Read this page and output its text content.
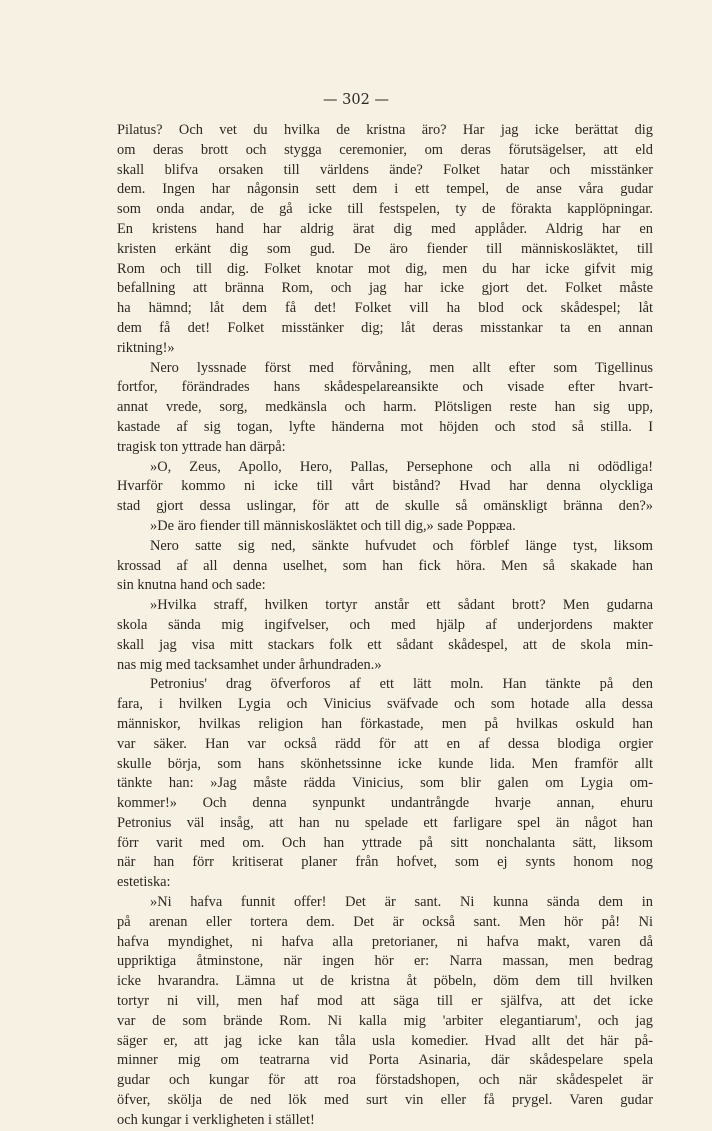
— 302 —
Pilatus? Och vet du hvilka de kristna äro? Har jag icke berättat dig
om deras brott och stygga ceremonier, om deras förutsägelser, att eld
skall blifva orsaken till världens ände? Folket hatar och misstänker
dem. Ingen har någonsin sett dem i ett tempel, de anse våra gudar
som onda andar, de gå icke till festspelen, ty de förakta kapplöpningar.
En kristens hand har aldrig ärat dig med applåder. Aldrig har en
kristen erkänt dig som gud. De äro fiender till människosläktet, till
Rom och till dig. Folket knotar mot dig, men du har icke gifvit mig
befallning att bränna Rom, och jag har icke gjort det. Folket måste
ha hämnd; låt dem få det! Folket vill ha blod ock skådespel; låt
dem få det! Folket misstänker dig; låt deras misstankar ta en annan
riktning!»
Nero lyssnade först med förvåning, men allt efter som Tigellinus
fortfor, förändrades hans skådespelareansikte och visade efter hvart-
annat vrede, sorg, medkänsla och harm. Plötsligen reste han sig upp,
kastade af sig togan, lyfte händerna mot höjden och stod så stilla. I
tragisk ton yttrade han därpå:
»O, Zeus, Apollo, Hero, Pallas, Persephone och alla ni odödliga!
Hvarför kommo ni icke till vårt bistånd? Hvad har denna olyckliga
stad gjort dessa uslingar, för att de skulle så omänskligt bränna den?»
»De äro fiender till människosläktet och till dig,» sade Poppæa.
Nero satte sig ned, sänkte hufvudet och förblef länge tyst, liksom
krossad af all denna uselhet, som han fick höra. Men så skakade han
sin knutna hand och sade:
»Hvilka straff, hvilken tortyr anstår ett sådant brott? Men gudarna
skola sända mig ingifvelser, och med hjälp af underjordens makter
skall jag visa mitt stackars folk ett sådant skådespel, att de skola min-
nas mig med tacksamhet under århundraden.»
Petronius' drag öfverforos af ett lätt moln. Han tänkte på den
fara, i hvilken Lygia och Vinicius sväfvade och som hotade alla dessa
människor, hvilkas religion han förkastade, men på hvilkas oskuld han
var säker. Han var också rädd för att en af dessa blodiga orgier
skulle börja, som hans skönhetssinne icke kunde lida. Men framför allt
tänkte han: »Jag måste rädda Vinicius, som blir galen om Lygia om-
kommer!» Och denna synpunkt undantrångde hvarje annan, ehuru
Petronius väl insåg, att han nu spelade ett farligare spel än något han
förr varit med om. Och han yttrade på sitt nonchalanta sätt, liksom
när han förr kritiserat planer från hofvet, som ej synts honom nog
estetiska:
»Ni hafva funnit offer! Det är sant. Ni kunna sända dem in
på arenan eller tortera dem. Det är också sant. Men hör på! Ni
hafva myndighet, ni hafva alla pretorianer, ni hafva makt, varen då
uppriktiga åtminstone, när ingen hör er: Narra massan, men bedrag
icke hvarandra. Lämna ut de kristna åt pöbeln, döm dem till hvilken
tortyr ni vill, men haf mod att säga till er själfva, att det icke
var de som brände Rom. Ni kalla mig 'arbiter elegantiarum', och jag
säger er, att jag icke kan tåla usla komedier. Hvad allt det här på-
minner mig om teatrarna vid Porta Asinaria, där skådespelare spela
gudar och kungar för att roa förstadshopen, och när skådespelet är
öfver, skölja de ned lök med surt vin eller få prygel. Varen gudar
och kungar i verkligheten i stället!
